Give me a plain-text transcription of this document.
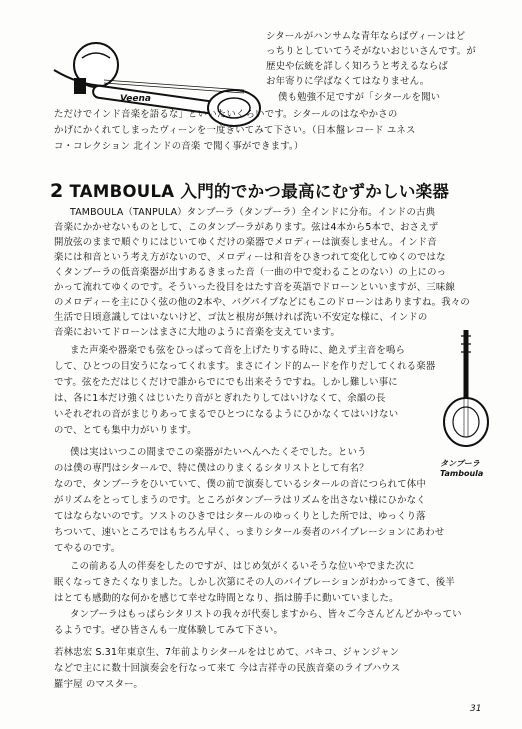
Veena
シタールがハンサムな青年ならばヴィーンはど
っちりとしていてうそがないおじいさんです。が
歴史や伝統を詳しく知ろうと考えるならば
お年寄りに学ばなくてはなりません。
僕も勉強不足ですが「シタールを聞い
ただけでインド音楽を語るな」といいたいくらいです。シタールのはなやかさの
かげにかくれてしまったヴィーンを一度きいてみて下さい。（日本盤レコード ユネス
コ・コレクション 北インドの音楽 で聞く事ができます。）
2 TAMBOULA 入門的でかつ最高にむずかしい楽器
TAMBOULA（TANPULA）タンブーラ（タンプーラ）全インドに分布。インドの古典
音楽にかかせないものとして、このタンブーラがあります。弦は4本から5本で、おさえず
開放弦のままで順ぐりにはじいてゆくだけの楽器でメロディーは演奏しません。インド音
楽には和音という考え方がないので、メロディーは和音をひきつれて変化してゆくのではな
くタンブーラの低音楽器が出すあるきまった音（一曲の中で変わることのない）の上にのっ
かって流れてゆくのです。そういった役目をはたす音を英語でドローンといいますが、三味線
のメロディーを主にひく弦の他の2本や、バグパイプなどにもこのドローンはありますね。我々の
生活で日頃意識してはいないけど、ゴ汰と根房が無ければ洗い不安定な様に、インドの
音楽においてドローンはまさに大地のように音楽を支えています。
また声楽や器楽でも弦をひっぱって音を上げたりする時に、絶えず主音を鳴ら
して、ひとつの目安うになってくれます。まさにインド的ムードを作りだしてくれる楽器
です。弦をただはじくだけで誰からでにでも出来そうですね。しかし難しい事に
は、各に1本だけ強くはじいたり音がとぎれたりしてはいけなくて、余韻の長
いそれぞれの音がまじりあってまるでひとつになるようにひかなくてはいけない
ので、とても集中力がいります。
僕は実はいつこの間までこの楽器がたいへんへたくそでした。という
のは僕の専門はシタールで、特に僕はのりまくるシタリストとして有名？
なので、タンブーラをひいていて、僕の前で演奏しているシタールの音につられて体中
がリズムをとってしまうのです。ところがタンブーラはリズムを出さない様にひかなく
てはならないのです。ソストのひきではシタールのゆっくりとした所では、ゆっくり落
ちついて、速いところではもちろん早く、っまりシタール奏者のバイブレーションにあわせ
てやるのです。
この前ある人の伴奏をしたのですが、はじめ気がくるいそうな位いやでまた次に
眠くなってきたくなりました。しかし次第にその人のバイブレーションがわかってきて、後半
はとても感動的な何かを感じて幸せな時間となり、指は勝手に動いていました。
タンブーラはもっぱらシタリストの我々が代奏しますから、皆々ご今さんどんどかやってい
るようです。ぜひ皆さんも一度体験してみて下さい。
タンブーラ Tamboula
若林忠宏 S.31年東京生、7年前よりシタールをはじめて、パキコ、ジャンジャン
などで主にに数十回演奏会を行なって来て 今は吉祥寺の民族音楽のライブハウス
羅宇屋 のマスター。
31
